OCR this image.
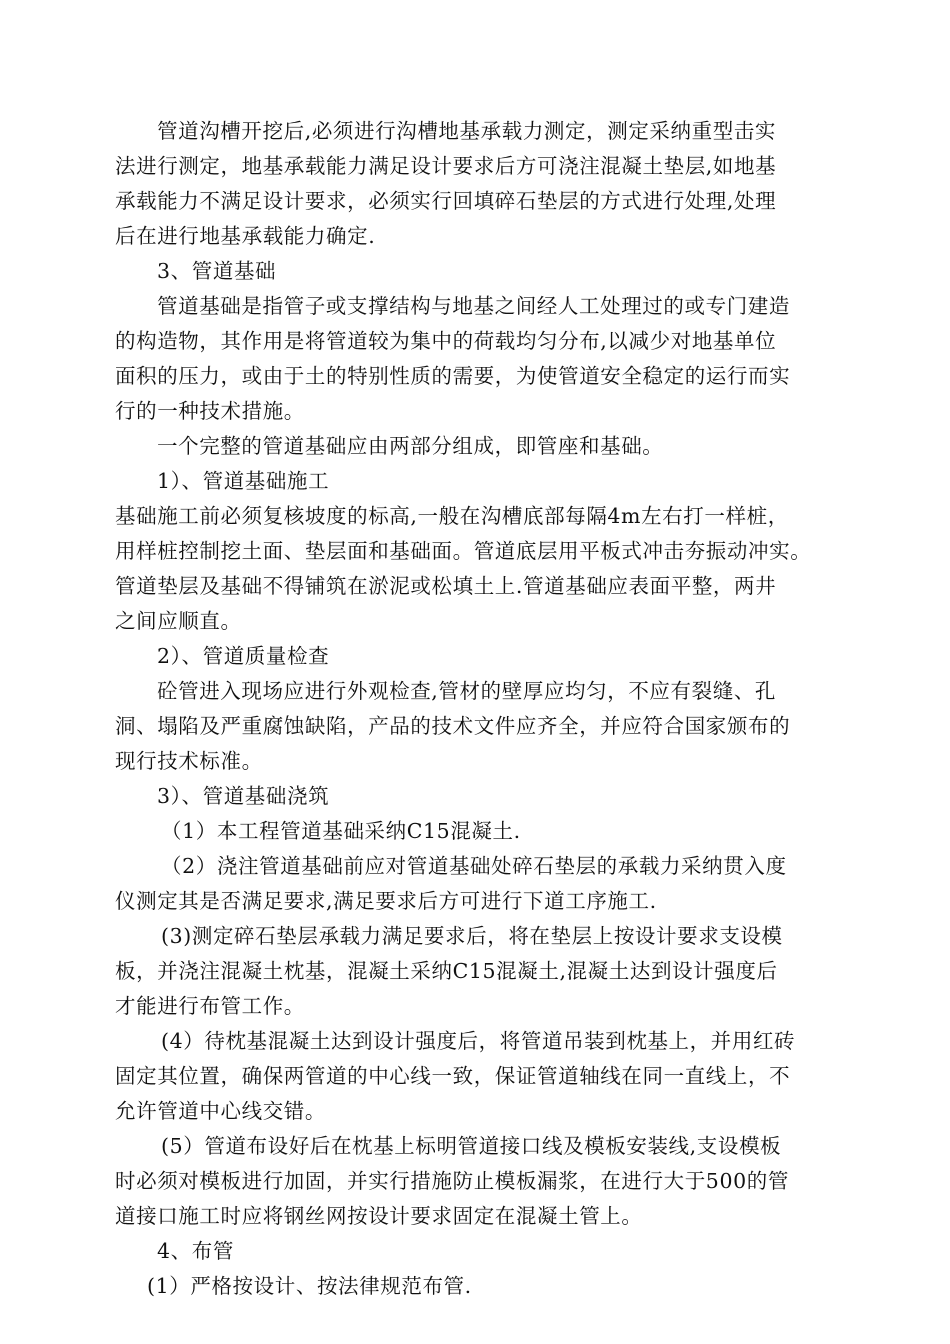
管道沟槽开挖后,必须进行沟槽地基承载力测定，测定采纳重型击实
法进行测定，地基承载能力满足设计要求后方可浇注混凝土垫层,如地基
承载能力不满足设计要求，必须实行回填碎石垫层的方式进行处理,处理
后在进行地基承载能力确定.
3、管道基础
管道基础是指管子或支撑结构与地基之间经人工处理过的或专门建造
的构造物，其作用是将管道较为集中的荷载均匀分布,以减少对地基单位
面积的压力，或由于土的特别性质的需要，为使管道安全稳定的运行而实
行的一种技术措施。
一个完整的管道基础应由两部分组成，即管座和基础。
1）、管道基础施工
基础施工前必须复核坡度的标高,一般在沟槽底部每隔4m左右打一样桩，
用样桩控制挖土面、垫层面和基础面。管道底层用平板式冲击夯振动冲实。
管道垫层及基础不得铺筑在淤泥或松填土上.管道基础应表面平整，两井
之间应顺直。
2）、管道质量检查
砼管进入现场应进行外观检查,管材的壁厚应均匀，不应有裂缝、孔
洞、塌陷及严重腐蚀缺陷，产品的技术文件应齐全，并应符合国家颁布的
现行技术标准。
3）、管道基础浇筑
（1）本工程管道基础采纳C15混凝土.
（2）浇注管道基础前应对管道基础处碎石垫层的承载力采纳贯入度
仪测定其是否满足要求,满足要求后方可进行下道工序施工.
(3)测定碎石垫层承载力满足要求后，将在垫层上按设计要求支设模
板，并浇注混凝土枕基，混凝土采纳C15混凝土,混凝土达到设计强度后
才能进行布管工作。
(4）待枕基混凝土达到设计强度后，将管道吊装到枕基上，并用红砖
固定其位置，确保两管道的中心线一致，保证管道轴线在同一直线上，不
允许管道中心线交错。
(5）管道布设好后在枕基上标明管道接口线及模板安装线,支设模板
时必须对模板进行加固，并实行措施防止模板漏浆，在进行大于500的管
道接口施工时应将钢丝网按设计要求固定在混凝土管上。
4、布管
(1）严格按设计、按法律规范布管.
